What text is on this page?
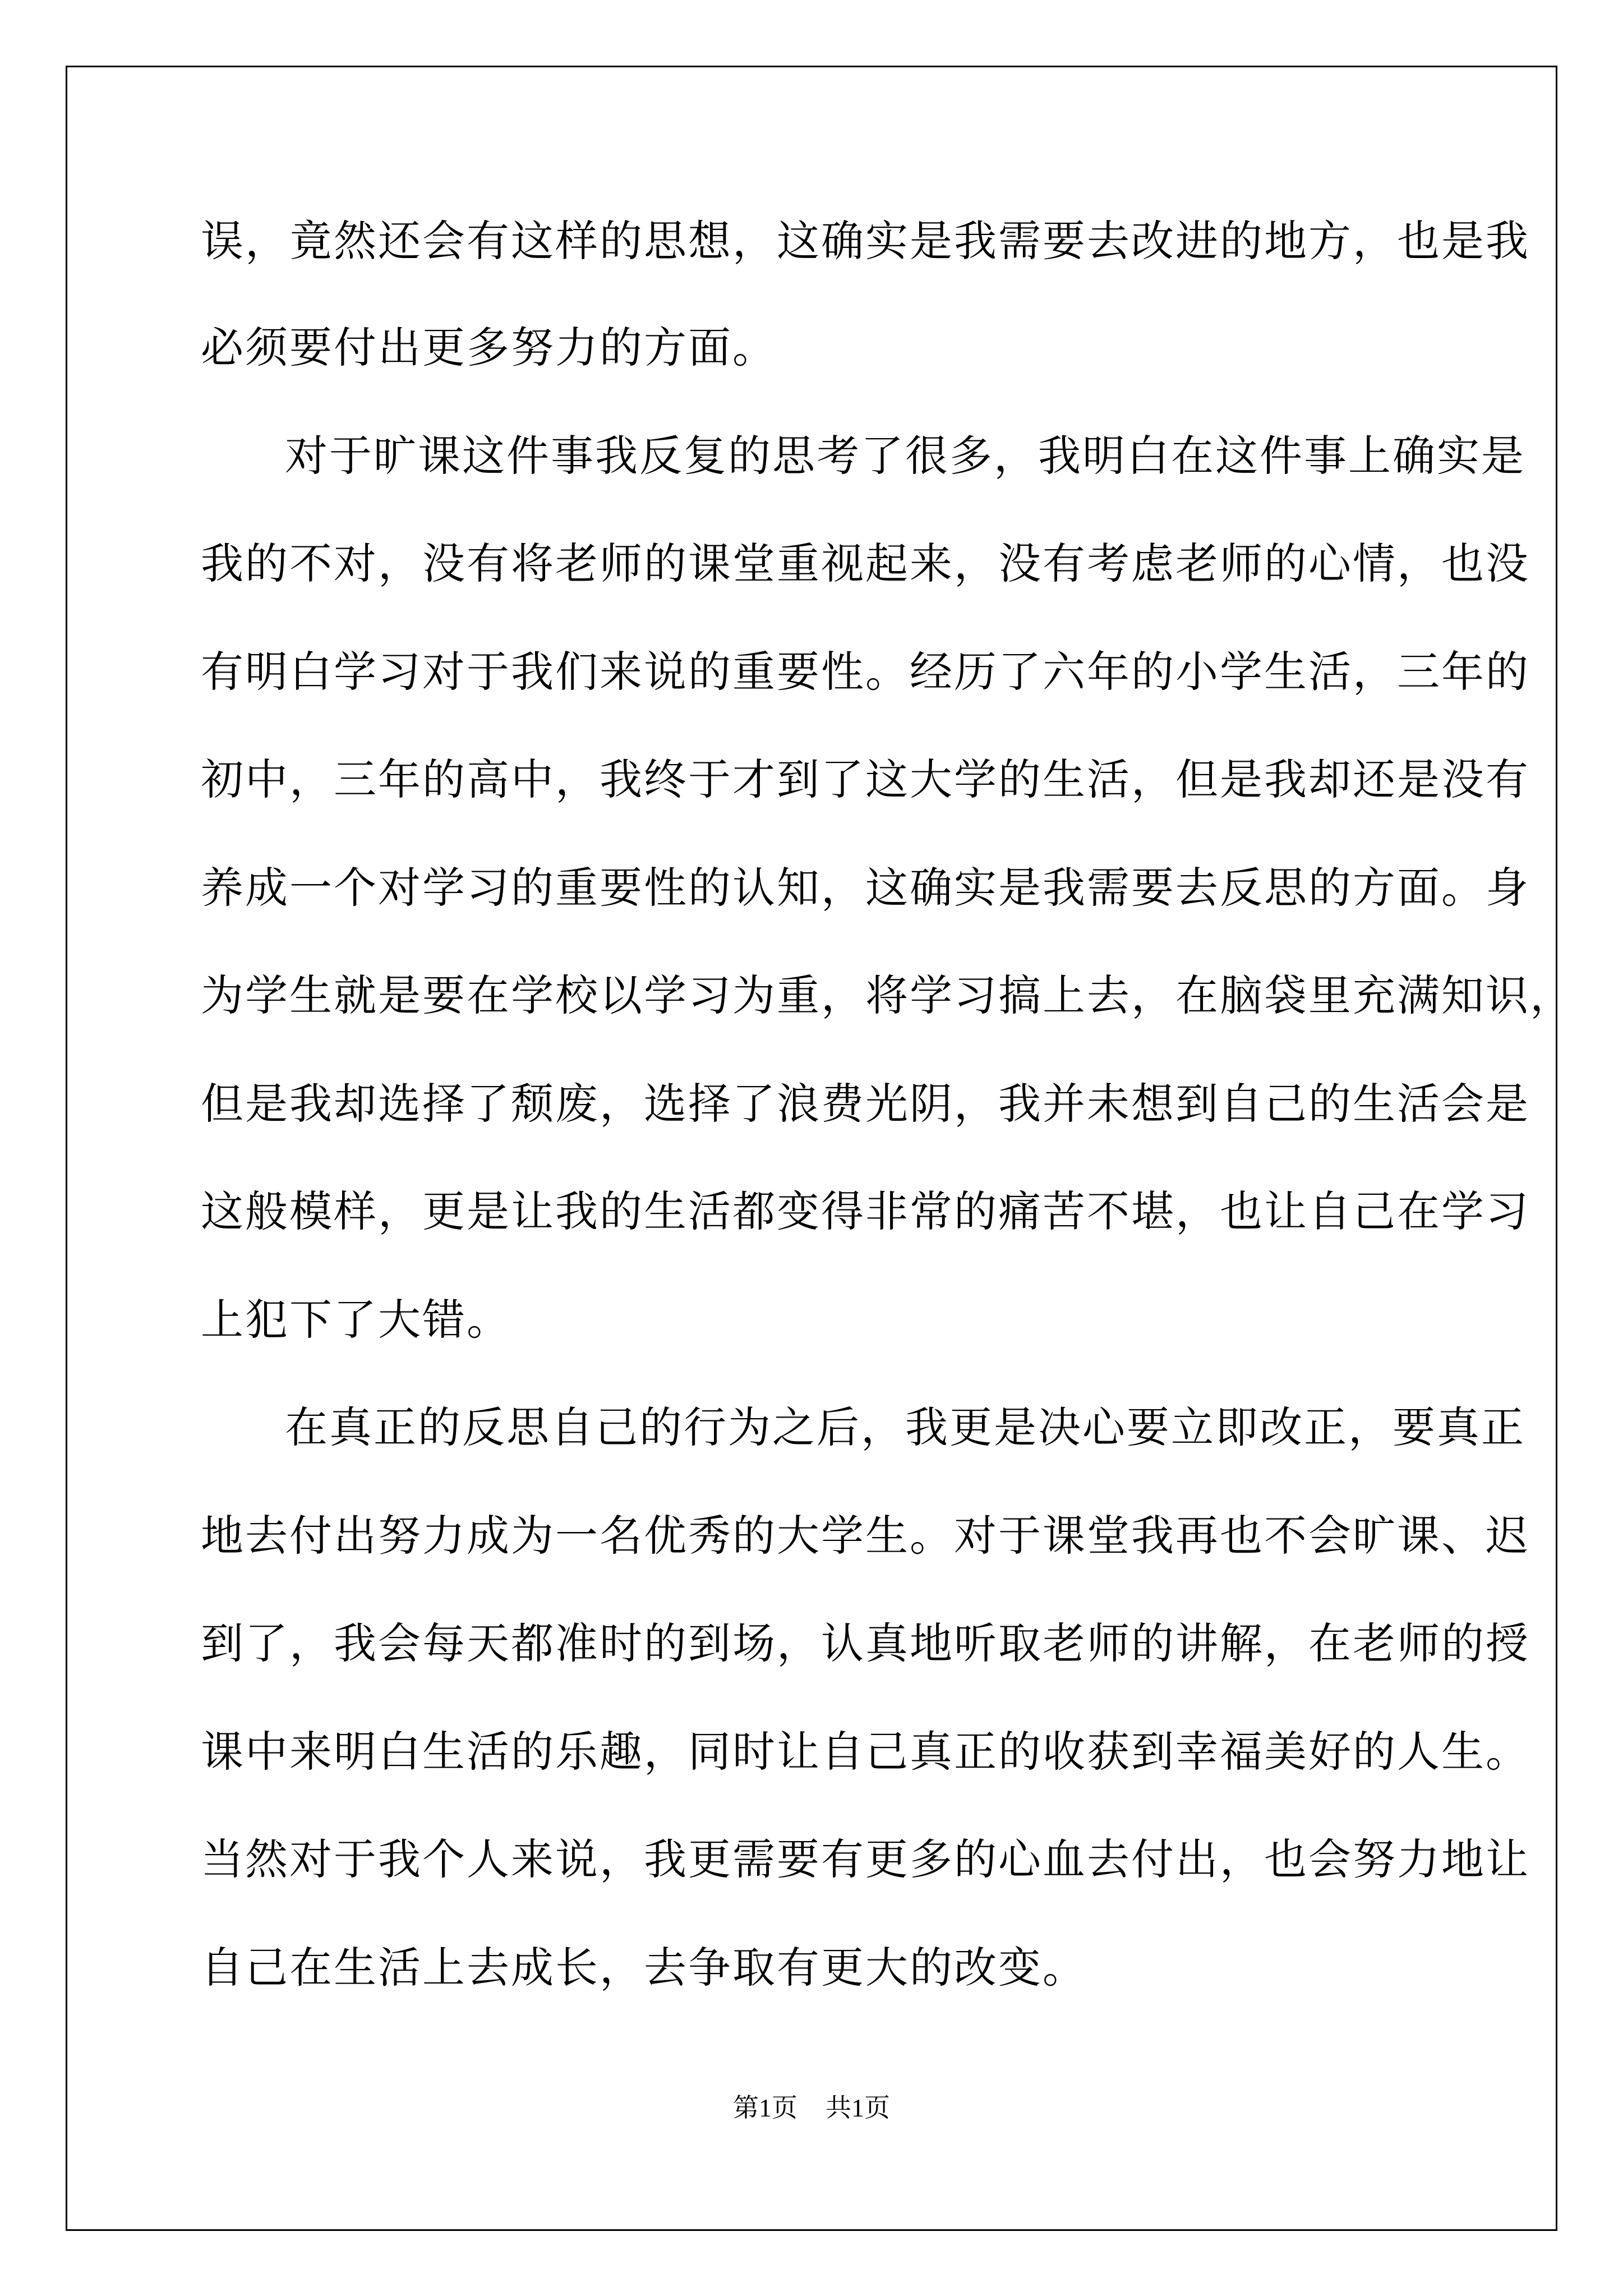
误，竟然还会有这样的思想，这确实是我需要去改进的地方，也是我
必须要付出更多努力的方面。
对于旷课这件事我反复的思考了很多，我明白在这件事上确实是
我的不对，没有将老师的课堂重视起来，没有考虑老师的心情，也没
有明白学习对于我们来说的重要性。经历了六年的小学生活，三年的
初中，三年的高中，我终于才到了这大学的生活，但是我却还是没有
养成一个对学习的重要性的认知，这确实是我需要去反思的方面。身
为学生就是要在学校以学习为重，将学习搞上去，在脑袋里充满知识，
但是我却选择了颓废，选择了浪费光阴，我并未想到自己的生活会是
这般模样，更是让我的生活都变得非常的痛苦不堪，也让自己在学习
上犯下了大错。
在真正的反思自己的行为之后，我更是决心要立即改正，要真正
地去付出努力成为一名优秀的大学生。对于课堂我再也不会旷课、迟
到了，我会每天都准时的到场，认真地听取老师的讲解，在老师的授
课中来明白生活的乐趣，同时让自己真正的收获到幸福美好的人生。
当然对于我个人来说，我更需要有更多的心血去付出，也会努力地让
自己在生活上去成长，去争取有更大的改变。
第1页 共1页
